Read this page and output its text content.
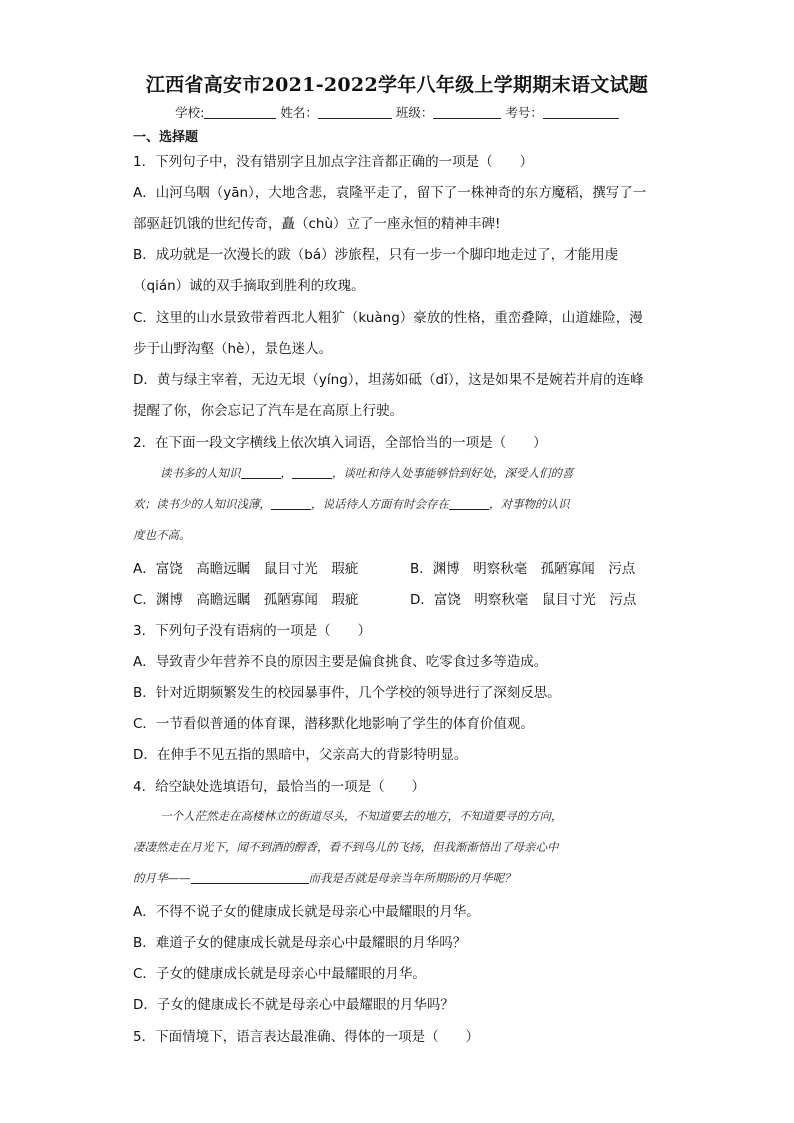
江西省高安市2021-2022学年八年级上学期期末语文试题
学校:	姓名：	班级：	考号：
一、选择题
1．下列句子中，没有错别字且加点字注音都正确的一项是（　　）
A．山河乌咽（yān），大地含悲，袁隆平走了，留下了一株神奇的东方魔稻，撰写了一
部驱赶饥饿的世纪传奇，矗（chù）立了一座永恒的精神丰碑!
B．成功就是一次漫长的跋（bá）涉旅程，只有一步一个脚印地走过了，才能用虔
（qián）诚的双手摘取到胜利的玫瑰。
C．这里的山水景致带着西北人粗犷（kuàng）豪放的性格，重峦叠障，山道雄险，漫
步于山野沟壑（hè），景色迷人。
D．黄与绿主宰着，无边无垠（yíng），坦荡如砥（dǐ），这是如果不是婉若并肩的连峰
提醒了你，你会忘记了汽车是在高原上行驶。
2．在下面一段文字横线上依次填入词语，全部恰当的一项是（　　）
读书多的人知识	，	，谈吐和待人处事能够恰到好处，深受人们的喜
欢；读书少的人知识浅薄，	，说话待人方面有时会存在	，对事物的认识
度也不高。
A．富饶　高瞻远瞩　鼠目寸光　瑕疵	B．渊博　明察秋毫　孤陋寡闻　污点
C．渊博　高瞻远瞩　孤陋寡闻　瑕疵	D．富饶　明察秋毫　鼠目寸光　污点
3．下列句子没有语病的一项是（　　）
A．导致青少年营养不良的原因主要是偏食挑食、吃零食过多等造成。
B．针对近期频繁发生的校园暴事件，几个学校的领导进行了深刻反思。
C．一节看似普通的体育课，潜移默化地影响了学生的体育价值观。
D．在伸手不见五指的黑暗中，父亲高大的背影特明显。
4．给空缺处选填语句，最恰当的一项是（　　）
一个人茫然走在高楼林立的街道尽头，不知道要去的地方，不知道要寻的方向，
凄凄然走在月光下，闻不到酒的醇香，看不到鸟儿的飞扬，但我渐渐悟出了母亲心中
的月华——	而我是否就是母亲当年所期盼的月华呢？
A．不得不说子女的健康成长就是母亲心中最耀眼的月华。
B．难道子女的健康成长就是母亲心中最耀眼的月华吗？
C．子女的健康成长就是母亲心中最耀眼的月华。
D．子女的健康成长不就是母亲心中最耀眼的月华吗？
5．下面情境下，语言表达最准确、得体的一项是（　　）
